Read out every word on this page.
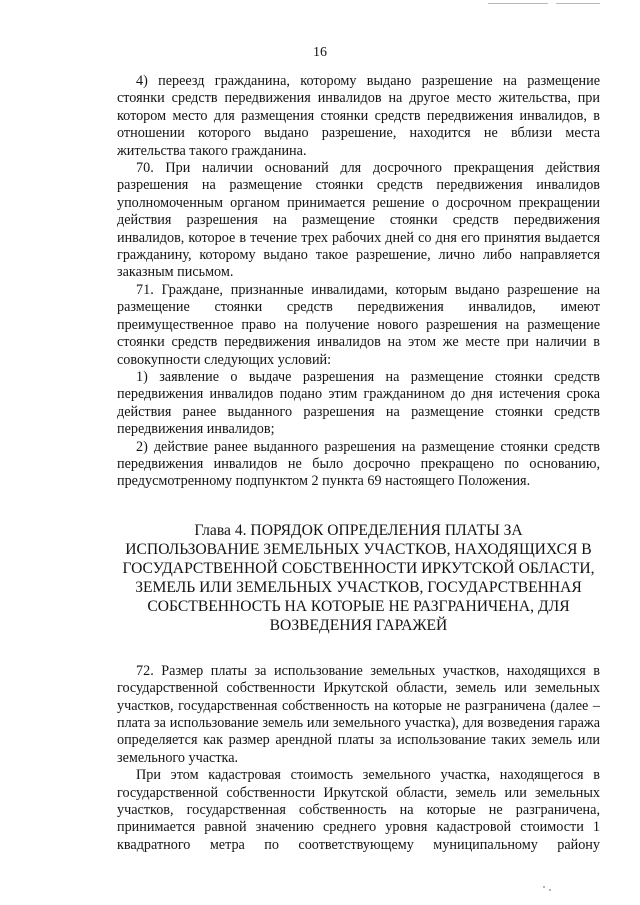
16

4) переезд гражданина, которому выдано разрешение на размещение стоянки средств передвижения инвалидов на другое место жительства, при котором место для размещения стоянки средств передвижения инвалидов, в отношении которого выдано разрешение, находится не вблизи места жительства такого гражданина.

70. При наличии оснований для досрочного прекращения действия разрешения на размещение стоянки средств передвижения инвалидов уполномоченным органом принимается решение о досрочном прекращении действия разрешения на размещение стоянки средств передвижения инвалидов, которое в течение трех рабочих дней со дня его принятия выдается гражданину, которому выдано такое разрешение, лично либо направляется заказным письмом.

71. Граждане, признанные инвалидами, которым выдано разрешение на размещение стоянки средств передвижения инвалидов, имеют преимущественное право на получение нового разрешения на размещение стоянки средств передвижения инвалидов на этом же месте при наличии в совокупности следующих условий:

1) заявление о выдаче разрешения на размещение стоянки средств передвижения инвалидов подано этим гражданином до дня истечения срока действия ранее выданного разрешения на размещение стоянки средств передвижения инвалидов;

2) действие ранее выданного разрешения на размещение стоянки средств передвижения инвалидов не было досрочно прекращено по основанию, предусмотренному подпунктом 2 пункта 69 настоящего Положения.

Глава 4. ПОРЯДОК ОПРЕДЕЛЕНИЯ ПЛАТЫ ЗА
ИСПОЛЬЗОВАНИЕ ЗЕМЕЛЬНЫХ УЧАСТКОВ, НАХОДЯЩИХСЯ В
ГОСУДАРСТВЕННОЙ СОБСТВЕННОСТИ ИРКУТСКОЙ ОБЛАСТИ,
ЗЕМЕЛЬ ИЛИ ЗЕМЕЛЬНЫХ УЧАСТКОВ, ГОСУДАРСТВЕННАЯ
СОБСТВЕННОСТЬ НА КОТОРЫЕ НЕ РАЗГРАНИЧЕНА, ДЛЯ
ВОЗВЕДЕНИЯ ГАРАЖЕЙ

72. Размер платы за использование земельных участков, находящихся в государственной собственности Иркутской области, земель или земельных участков, государственная собственность на которые не разграничена (далее – плата за использование земель или земельного участка), для возведения гаража определяется как размер арендной платы за использование таких земель или земельного участка.

При этом кадастровая стоимость земельного участка, находящегося в государственной собственности Иркутской области, земель или земельных участков, государственная собственность на которые не разграничена, принимается равной значению среднего уровня кадастровой стоимости 1 квадратного метра по соответствующему муниципальному району
